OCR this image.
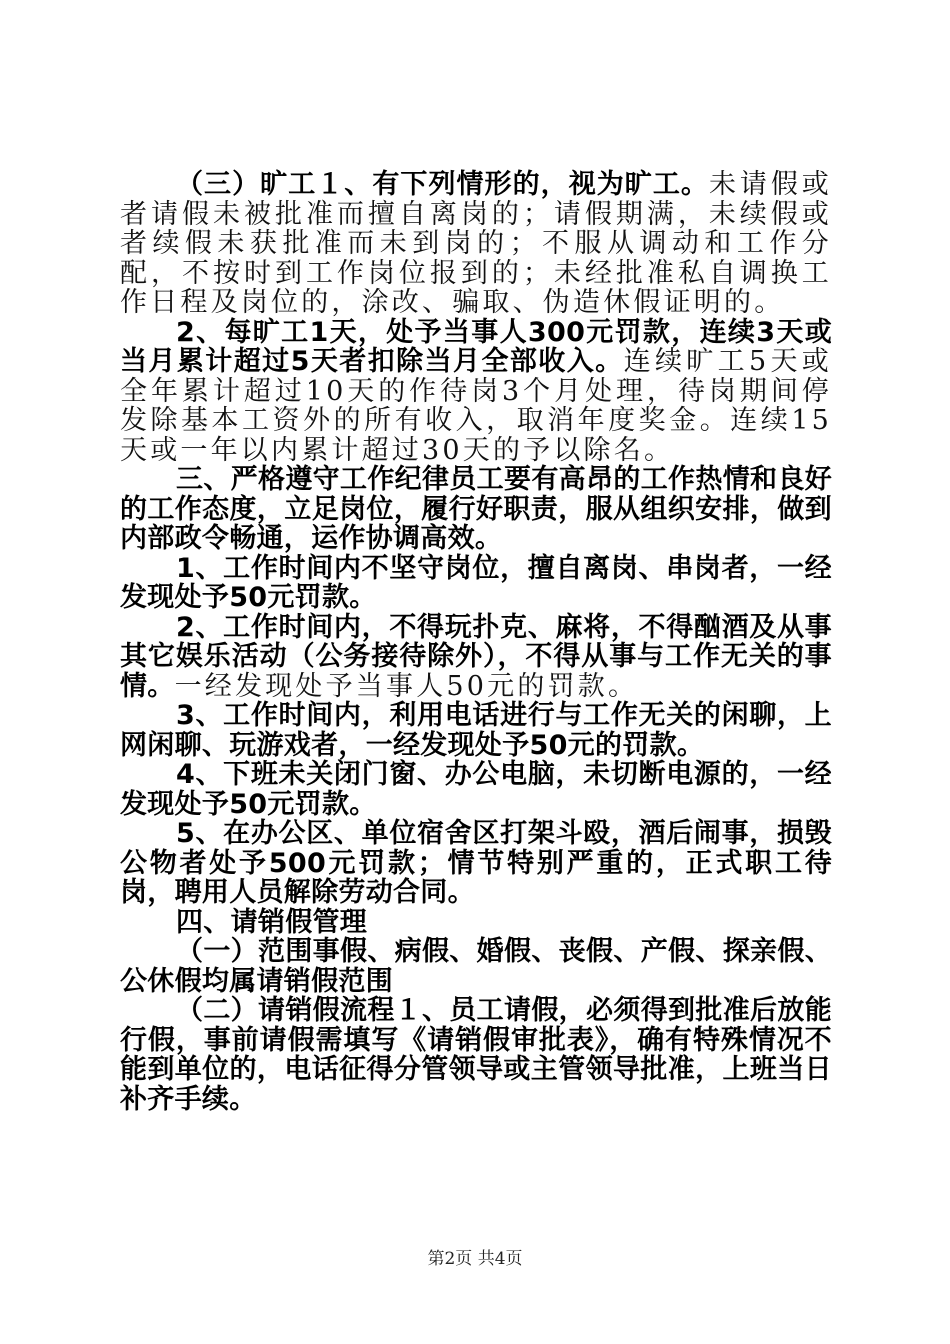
（三）旷工１、有下列情形的，视为旷工。未请假或者请假未被批准而擅自离岗的；请假期满，未续假或者续假未获批准而未到岗的；不服从调动和工作分配，不按时到工作岗位报到的；未经批准私自调换工作日程及岗位的，涂改、骗取、伪造休假证明的。

2、每旷工1天，处予当事人300元罚款，连续3天或当月累计超过5天者扣除当月全部收入。连续旷工5天或全年累计超过10天的作待岗3个月处理，待岗期间停发除基本工资外的所有收入，取消年度奖金。连续15天或一年以内累计超过30天的予以除名。

三、严格遵守工作纪律员工要有高昂的工作热情和良好的工作态度，立足岗位，履行好职责，服从组织安排，做到内部政令畅通，运作协调高效。

1、工作时间内不坚守岗位，擅自离岗、串岗者，一经发现处予50元罚款。

2、工作时间内，不得玩扑克、麻将，不得酗酒及从事其它娱乐活动（公务接待除外），不得从事与工作无关的事情。一经发现处予当事人50元的罚款。

3、工作时间内，利用电话进行与工作无关的闲聊，上网闲聊、玩游戏者，一经发现处予50元的罚款。

4、下班未关闭门窗、办公电脑，未切断电源的，一经发现处予50元罚款。

5、在办公区、单位宿舍区打架斗殴，酒后闹事，损毁公物者处予500元罚款；情节特别严重的，正式职工待岗，聘用人员解除劳动合同。

四、请销假管理

（一）范围事假、病假、婚假、丧假、产假、探亲假、公休假均属请销假范围

（二）请销假流程１、员工请假，必须得到批准后放能行假，事前请假需填写《请销假审批表》，确有特殊情况不能到单位的，电话征得分管领导或主管领导批准，上班当日补齐手续。

第2页 共4页
